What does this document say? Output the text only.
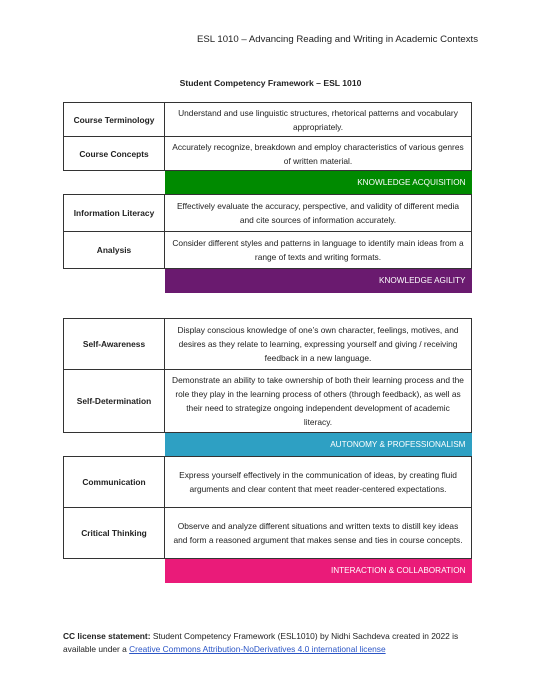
ESL 1010 – Advancing Reading and Writing in Academic Contexts
Student Competency Framework – ESL 1010
Course Terminology	Understand and use linguistic structures, rhetorical patterns and vocabulary appropriately.
Course Concepts	Accurately recognize, breakdown and employ characteristics of various genres of written material.
	KNOWLEDGE ACQUISITION
Information Literacy	Effectively evaluate the accuracy, perspective, and validity of different media and cite sources of information accurately.
Analysis	Consider different styles and patterns in language to identify main ideas from a range of texts and writing formats.
	KNOWLEDGE AGILITY
Self-Awareness	Display conscious knowledge of one’s own character, feelings, motives, and desires as they relate to learning, expressing yourself and giving / receiving feedback in a new language.
Self-Determination	Demonstrate an ability to take ownership of both their learning process and the role they play in the learning process of others (through feedback), as well as their need to strategize ongoing independent development of academic literacy.
	AUTONOMY & PROFESSIONALISM
Communication	Express yourself effectively in the communication of ideas, by creating fluid arguments and clear content that meet reader-centered expectations.
Critical Thinking	Observe and analyze different situations and written texts to distill key ideas and form a reasoned argument that makes sense and ties in course concepts.
	INTERACTION & COLLABORATION
CC license statement: Student Competency Framework (ESL1010) by Nidhi Sachdeva created in 2022 is available under a Creative Commons Attribution-NoDerivatives 4.0 international license
